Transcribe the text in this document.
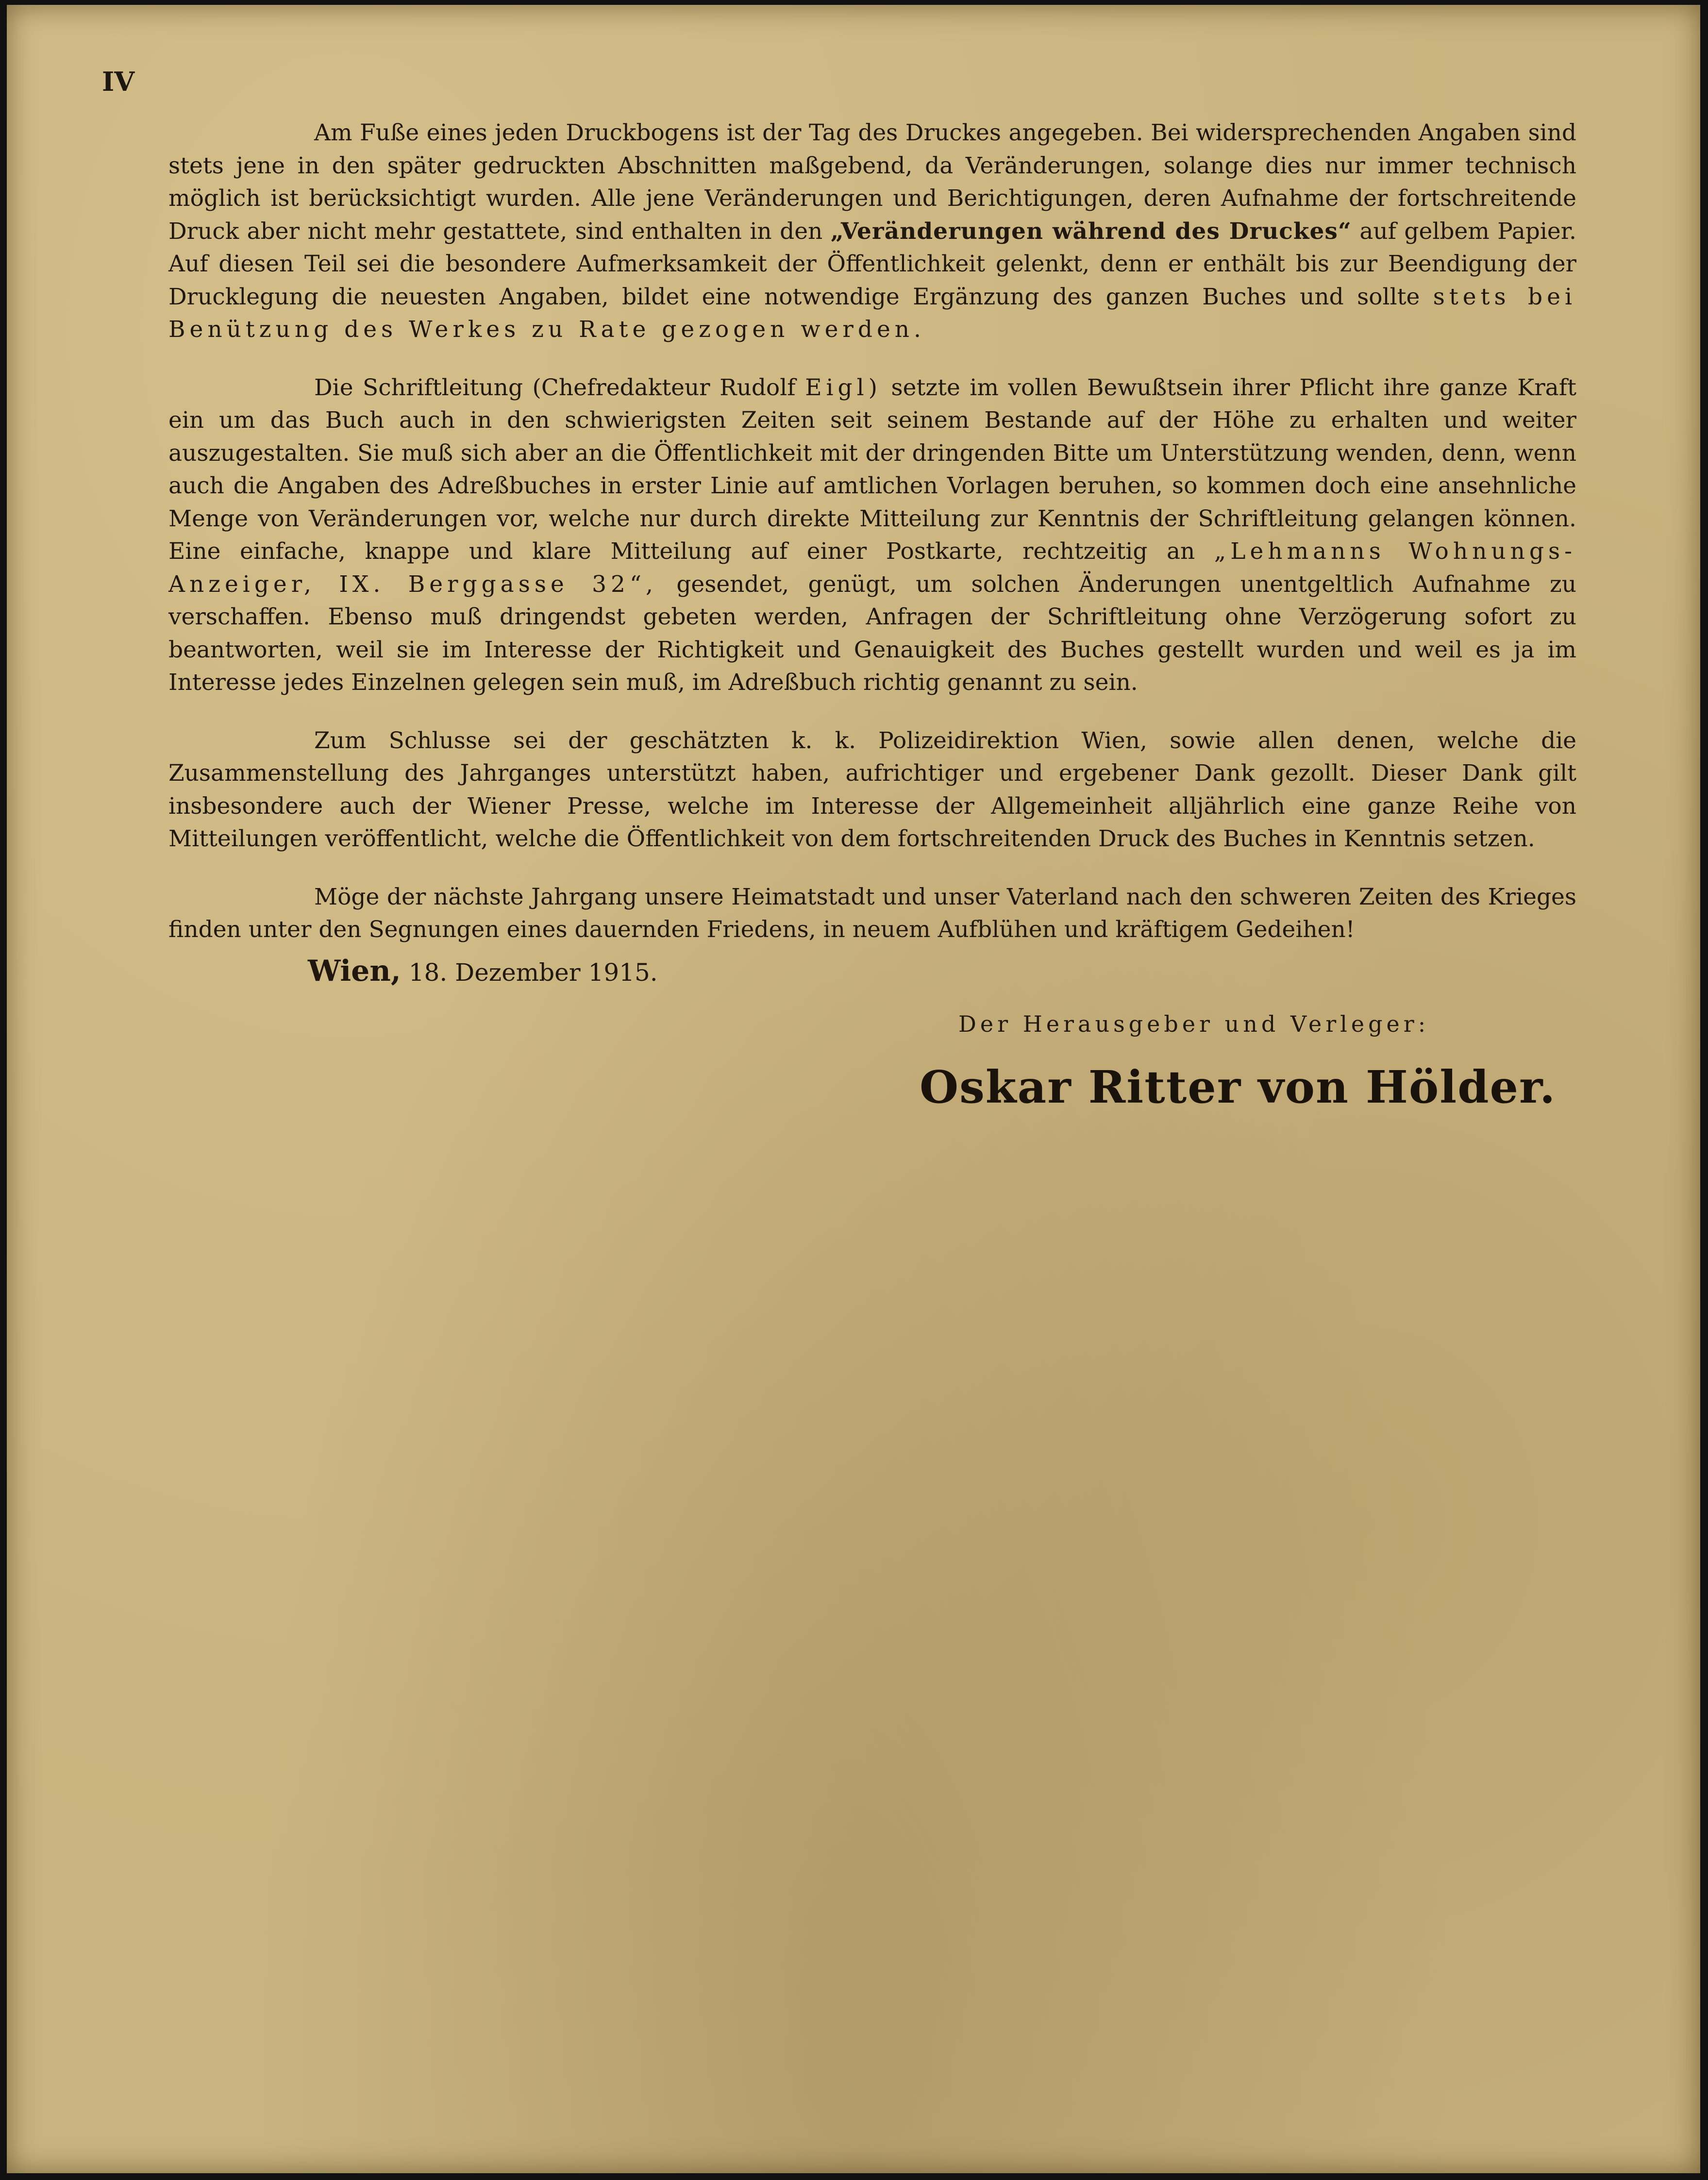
IV

Am Fuße eines jeden Druckbogens ist der Tag des Druckes angegeben. Bei widersprechenden Angaben sind stets jene in den später gedruckten Abschnitten maßgebend, da Veränderungen, solange dies nur immer technisch möglich ist berücksichtigt wurden. Alle jene Veränderungen und Berichtigungen, deren Aufnahme der fortschreitende Druck aber nicht mehr gestattete, sind enthalten in den „Veränderungen während des Druckes“ auf gelbem Papier. Auf diesen Teil sei die besondere Aufmerksamkeit der Öffentlichkeit gelenkt, denn er enthält bis zur Beendigung der Drucklegung die neuesten Angaben, bildet eine notwendige Ergänzung des ganzen Buches und sollte stets bei Benützung des Werkes zu Rate gezogen werden.

Die Schriftleitung (Chefredakteur Rudolf Eigl) setzte im vollen Bewußtsein ihrer Pflicht ihre ganze Kraft ein um das Buch auch in den schwierigsten Zeiten seit seinem Bestande auf der Höhe zu erhalten und weiter auszugestalten. Sie muß sich aber an die Öffentlichkeit mit der dringenden Bitte um Unterstützung wenden, denn, wenn auch die Angaben des Adreßbuches in erster Linie auf amtlichen Vorlagen beruhen, so kommen doch eine ansehnliche Menge von Veränderungen vor, welche nur durch direkte Mitteilung zur Kenntnis der Schriftleitung gelangen können. Eine einfache, knappe und klare Mitteilung auf einer Postkarte, rechtzeitig an „Lehmanns Wohnungs-Anzeiger, IX. Berggasse 32“, gesendet, genügt, um solchen Änderungen unentgeltlich Aufnahme zu verschaffen. Ebenso muß dringendst gebeten werden, Anfragen der Schriftleitung ohne Verzögerung sofort zu beantworten, weil sie im Interesse der Richtigkeit und Genauigkeit des Buches gestellt wurden und weil es ja im Interesse jedes Einzelnen gelegen sein muß, im Adreßbuch richtig genannt zu sein.

Zum Schlusse sei der geschätzten k. k. Polizeidirektion Wien, sowie allen denen, welche die Zusammenstellung des Jahrganges unterstützt haben, aufrichtiger und ergebener Dank gezollt. Dieser Dank gilt insbesondere auch der Wiener Presse, welche im Interesse der Allgemeinheit alljährlich eine ganze Reihe von Mitteilungen veröffentlicht, welche die Öffentlichkeit von dem fortschreitenden Druck des Buches in Kenntnis setzen.

Möge der nächste Jahrgang unsere Heimatstadt und unser Vaterland nach den schweren Zeiten des Krieges finden unter den Segnungen eines dauernden Friedens, in neuem Aufblühen und kräftigem Gedeihen!

Wien, 18. Dezember 1915.
Der Herausgeber und Verleger:
Oskar Ritter von Hölder.
